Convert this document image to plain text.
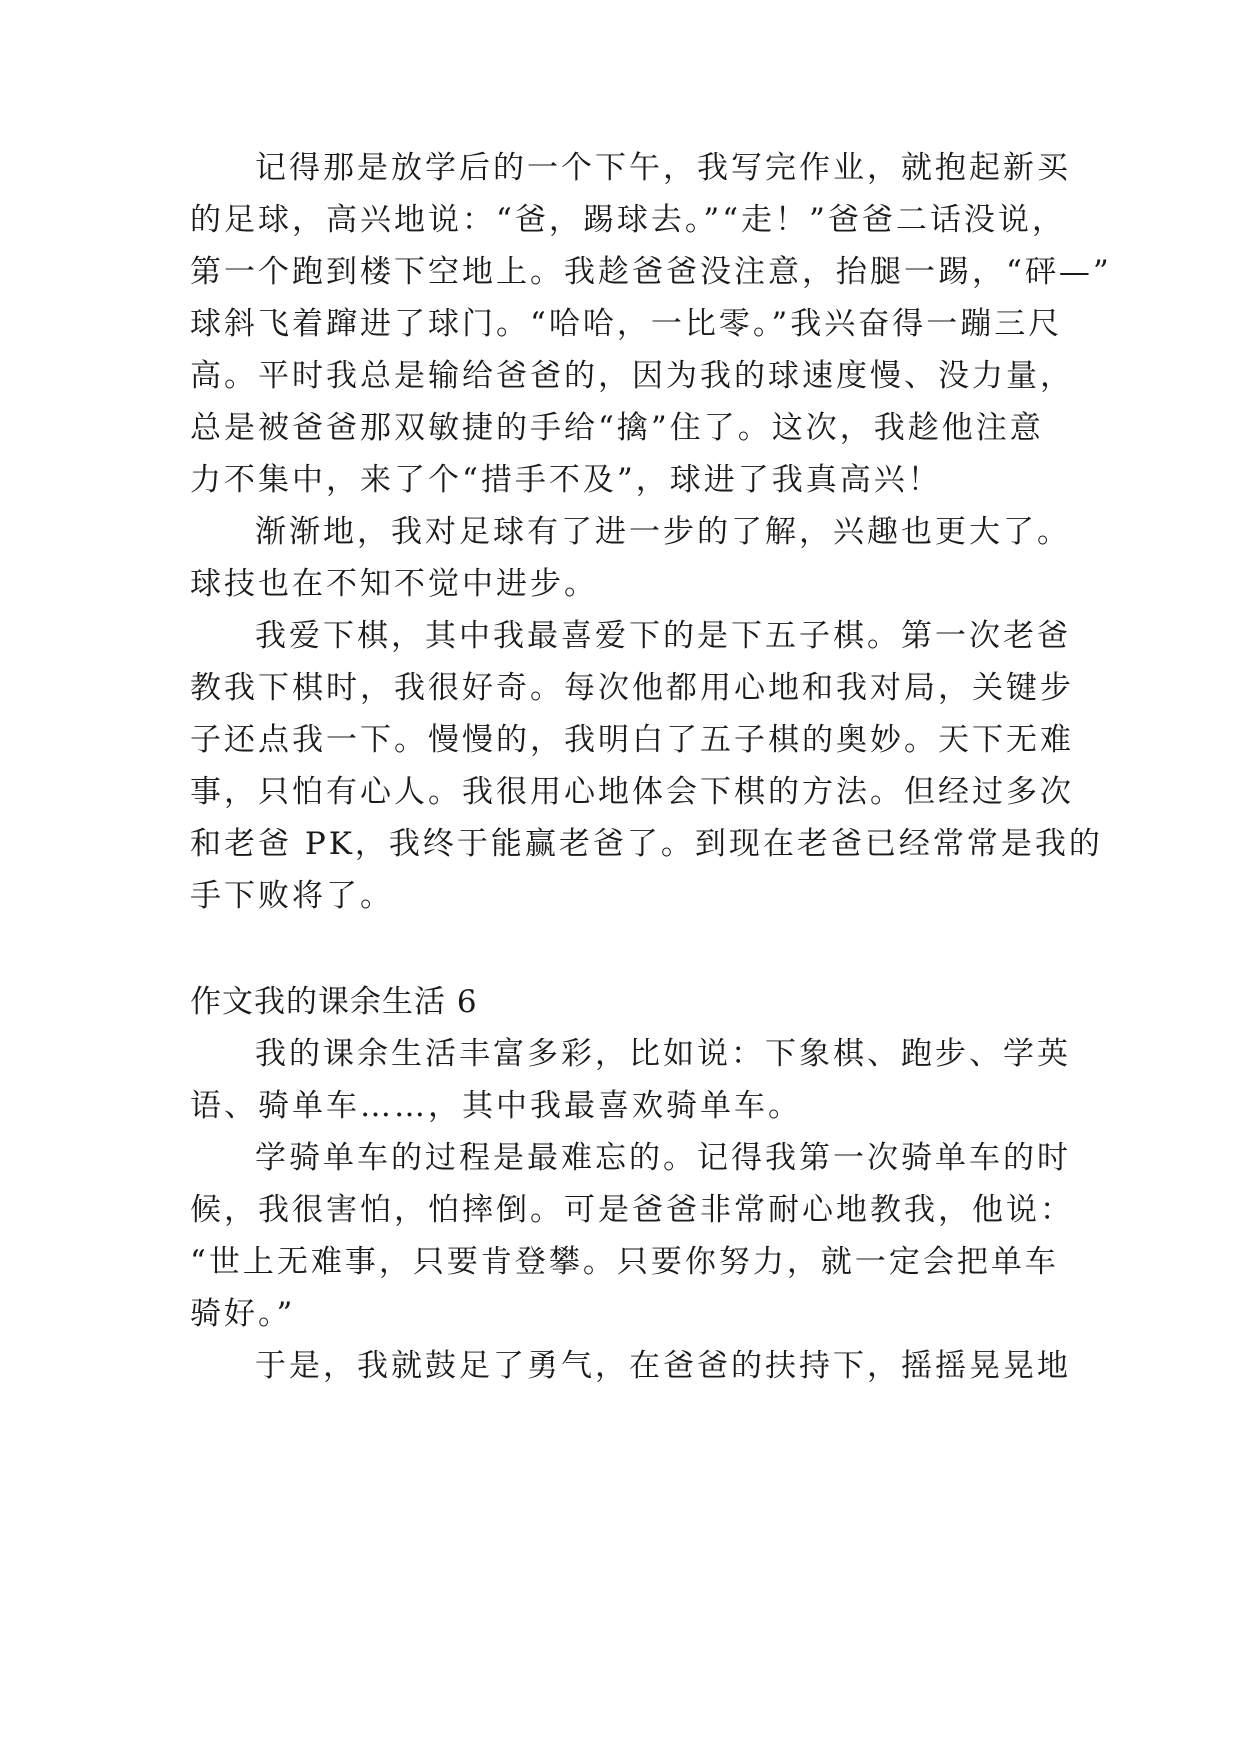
记得那是放学后的一个下午，我写完作业，就抱起新买

的足球，高兴地说：“爸，踢球去。”“走！”爸爸二话没说，

第一个跑到楼下空地上。我趁爸爸没注意，抬腿一踢，“砰—”

球斜飞着蹿进了球门。“哈哈，一比零。”我兴奋得一蹦三尺

高。平时我总是输给爸爸的，因为我的球速度慢、没力量，

总是被爸爸那双敏捷的手给“擒”住了。这次，我趁他注意

力不集中，来了个“措手不及”，球进了我真高兴！

渐渐地，我对足球有了进一步的了解，兴趣也更大了。

球技也在不知不觉中进步。

我爱下棋，其中我最喜爱下的是下五子棋。第一次老爸

教我下棋时，我很好奇。每次他都用心地和我对局，关键步

子还点我一下。慢慢的，我明白了五子棋的奥妙。天下无难

事，只怕有心人。我很用心地体会下棋的方法。但经过多次

和老爸 PK，我终于能赢老爸了。到现在老爸已经常常是我的

手下败将了。

作文我的课余生活 6

我的课余生活丰富多彩，比如说：下象棋、跑步、学英

语、骑单车……，其中我最喜欢骑单车。

学骑单车的过程是最难忘的。记得我第一次骑单车的时

候，我很害怕，怕摔倒。可是爸爸非常耐心地教我，他说：

“世上无难事，只要肯登攀。只要你努力，就一定会把单车

骑好。”

于是，我就鼓足了勇气，在爸爸的扶持下，摇摇晃晃地
